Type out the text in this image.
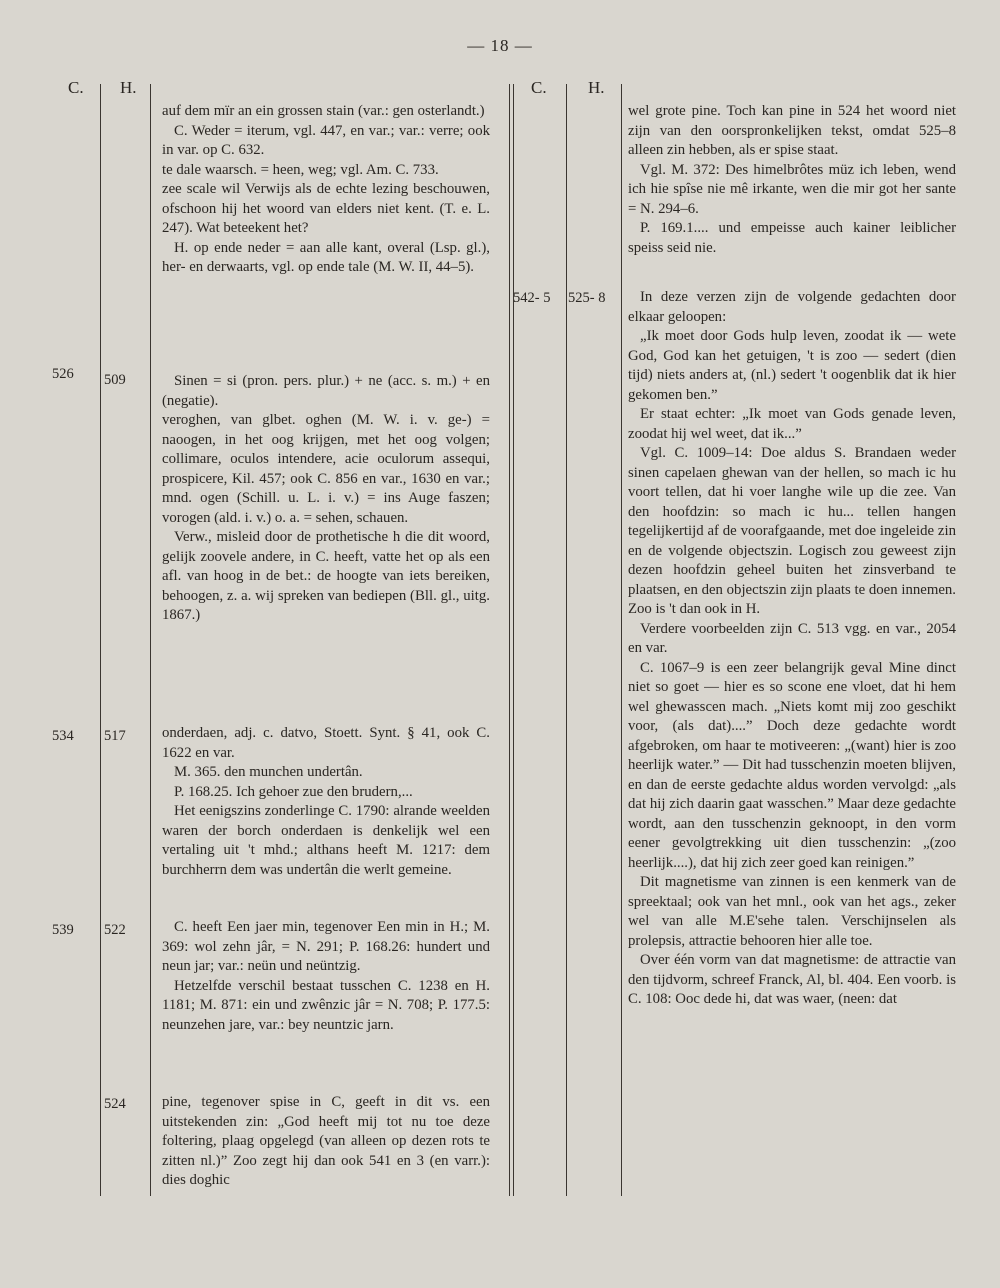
— 18 —
C. H.	C. H.
526
534
539
509
517
522
524
542- 5 525- 8

auf dem mïr an ein grossen stain (var.: gen osterlandt.)

C. Weder = iterum, vgl. 447, en var.; var.: verre; ook in var. op C. 632.

te dale waarsch. = heen, weg; vgl. Am. C. 733.

zee scale wil Verwijs als de echte lezing beschouwen, ofschoon hij het woord van elders niet kent. (T. e. L. 247). Wat beteekent het?

H. op ende neder = aan alle kant, overal (Lsp. gl.), her- en derwaarts, vgl. op ende tale (M. W. II, 44–5).

Sinen = si (pron. pers. plur.) + ne (acc. s. m.) + en (negatie).

veroghen, van glbet. oghen (M. W. i. v. ge-) = naoogen, in het oog krijgen, met het oog volgen; collimare, oculos intendere, acie oculorum assequi, prospicere, Kil. 457; ook C. 856 en var., 1630 en var.; mnd. ogen (Schill. u. L. i. v.) = ins Auge faszen; vorogen (ald. i. v.) o. a. = sehen, schauen.

Verw., misleid door de prothetische h die dit woord, gelijk zoovele andere, in C. heeft, vatte het op als een afl. van hoog in de bet.: de hoogte van iets bereiken, behoogen, z. a. wij spreken van bediepen (Bll. gl., uitg. 1867.)

onderdaen, adj. c. datvo, Stoett. Synt. § 41, ook C. 1622 en var.

M. 365. den munchen undertân.

P. 168.25. Ich gehoer zue den brudern,...

Het eenigszins zonderlinge C. 1790: alrande weelden waren der borch onderdaen is denkelijk wel een vertaling uit 't mhd.; althans heeft M. 1217: dem burchherrn dem was undertân die werlt gemeine.

C. heeft Een jaer min, tegenover Een min in H.; M. 369: wol zehn jâr, = N. 291; P. 168.26: hundert und neun jar; var.: neün und neüntzig.

Hetzelfde verschil bestaat tusschen C. 1238 en H. 1181; M. 871: ein und zwênzic jâr = N. 708; P. 177.5: neunzehen jare, var.: bey neuntzic jarn.

pine, tegenover spise in C, geeft in dit vs. een uitstekenden zin: „God heeft mij tot nu toe deze foltering, plaag opgelegd (van alleen op dezen rots te zitten nl.)” Zoo zegt hij dan ook 541 en 3 (en varr.): dies doghic

wel grote pine. Toch kan pine in 524 het woord niet zijn van den oorspronkelijken tekst, omdat 525–8 alleen zin hebben, als er spise staat.

Vgl. M. 372: Des himelbrôtes müz ich leben, wend ich hie spîse nie mê irkante, wen die mir got her sante = N. 294–6.

P. 169.1.... und empeisse auch kainer leiblicher speiss seid nie.

In deze verzen zijn de volgende gedachten door elkaar geloopen:

„Ik moet door Gods hulp leven, zoodat ik — wete God, God kan het getuigen, 't is zoo — sedert (dien tijd) niets anders at, (nl.) sedert 't oogenblik dat ik hier gekomen ben.”

Er staat echter: „Ik moet van Gods genade leven, zoodat hij wel weet, dat ik...”

Vgl. C. 1009–14: Doe aldus S. Brandaen weder sinen capelaen ghewan van der hellen, so mach ic hu voort tellen, dat hi voer langhe wile up die zee. Van den hoofdzin: so mach ic hu... tellen hangen tegelijkertijd af de voorafgaande, met doe ingeleide zin en de volgende objectszin. Logisch zou geweest zijn dezen hoofdzin geheel buiten het zinsverband te plaatsen, en den objectszin zijn plaats te doen innemen. Zoo is 't dan ook in H.

Verdere voorbeelden zijn C. 513 vgg. en var., 2054 en var.

C. 1067–9 is een zeer belangrijk geval Mine dinct niet so goet — hier es so scone ene vloet, dat hi hem wel ghewasscen mach. „Niets komt mij zoo geschikt voor, (als dat)....” Doch deze gedachte wordt afgebroken, om haar te motiveeren: „(want) hier is zoo heerlijk water.” — Dit had tusschenzin moeten blijven, en dan de eerste gedachte aldus worden vervolgd: „als dat hij zich daarin gaat wasschen.” Maar deze gedachte wordt, aan den tusschenzin geknoopt, in den vorm eener gevolgtrekking uit dien tusschenzin: „(zoo heerlijk....), dat hij zich zeer goed kan reinigen.”

Dit magnetisme van zinnen is een kenmerk van de spreektaal; ook van het mnl., ook van het ags., zeker wel van alle M.E'sehe talen. Verschijnselen als prolepsis, attractie behooren hier alle toe.

Over één vorm van dat magnetisme: de attractie van den tijdvorm, schreef Franck, Al, bl. 404. Een voorb. is C. 108: Ooc dede hi, dat was waer, (neen: dat
